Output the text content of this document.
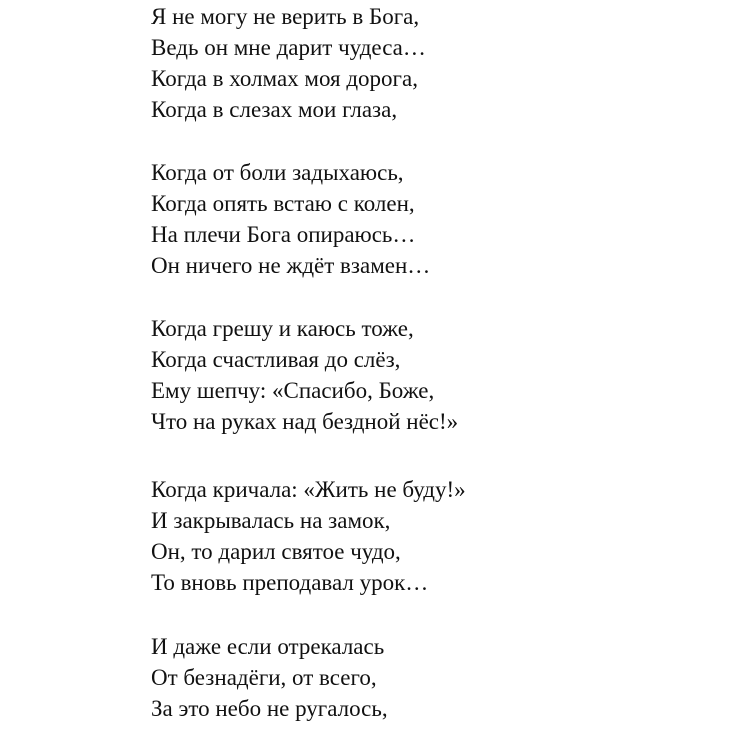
Я не могу не верить в Бога,
Ведь он мне дарит чудеса…
Когда в холмах моя дорога,
Когда в слезах мои глаза,
Когда от боли задыхаюсь,
Когда опять встаю с колен,
На плечи Бога опираюсь…
Он ничего не ждёт взамен…
Когда грешу и каюсь тоже,
Когда счастливая до слёз,
Ему шепчу: «Спасибо, Боже,
Что на руках над бездной нёс!»
Когда кричала: «Жить не буду!»
И закрывалась на замок,
Он, то дарил святое чудо,
То вновь преподавал урок…
И даже если отрекалась
От безнадёги, от всего,
За это небо не ругалось,
